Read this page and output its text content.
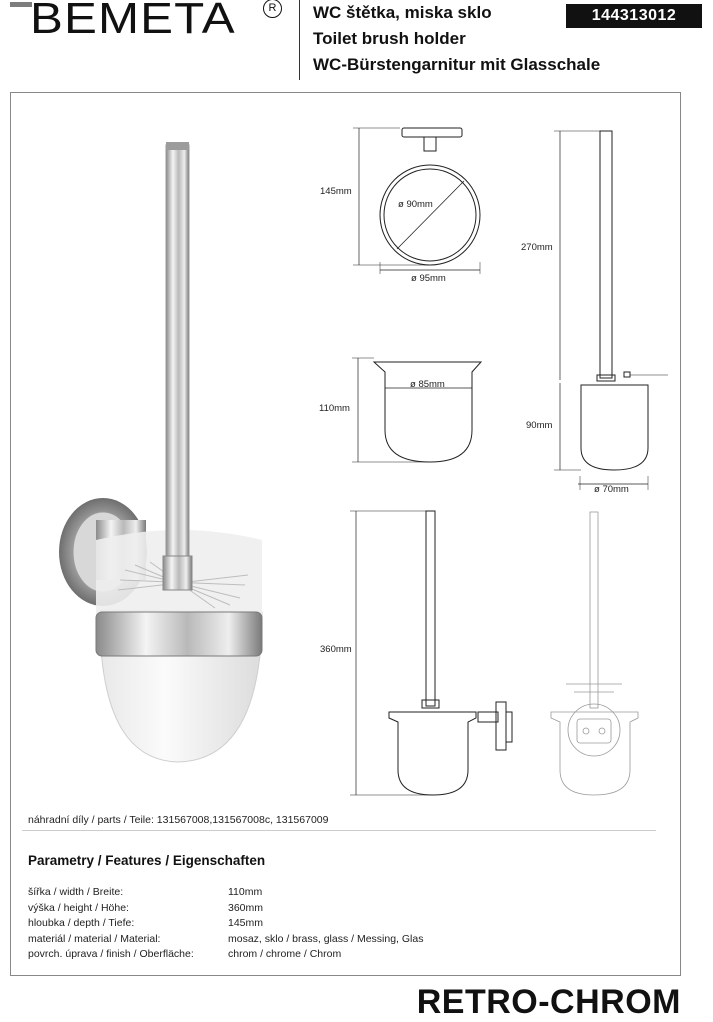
BEMETA	R	WC štětka, miska sklo
Toilet brush holder
WC-Bürstengarnitur mit Glasschale
144313012
145mm
ø 90mm
ø 95mm
270mm
110mm
ø 85mm
90mm
ø 70mm
360mm
náhradní díly / parts / Teile: 131567008,131567008c, 131567009
Parametry / Features / Eigenschaften
šířka / width / Breite:	110mm
výška / height / Höhe:	360mm
hloubka / depth / Tiefe:	145mm
materiál / material / Material:	mosaz, sklo / brass, glass / Messing, Glas
povrch. úprava / finish / Oberfläche:	chrom / chrome / Chrom
RETRO-CHROM
